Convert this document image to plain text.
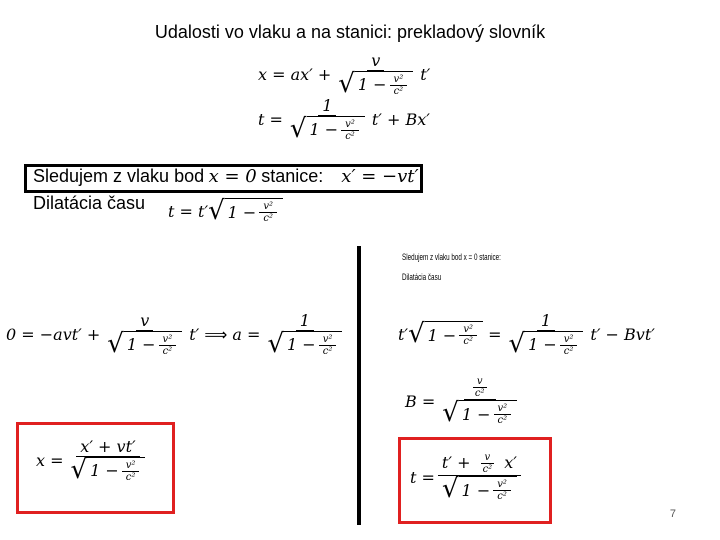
Udalosti vo vlaku a na stanici: prekladový slovník
$x = ax' + \frac{v}{√ 1 - \frac{\text{v²}}{\text{c²}}} t'$
$t = \frac{1}{√ 1 - \frac{\text{v²}}{\text{c²}}} t' + Bx'$
Sledujem z vlaku bod
x = 0
stanice:
x′ = −vt′
Dilatácia času t = t′ √ $1 - \frac{\text{v²}}{\text{c²}}$
Sledujem z vlaku bod x = 0 stanice:
Dilatácia času
$0 = -avt' + \frac{v}{√ 1 - \frac{\text{v²}}{\text{c²}}} t'$
⟹
$a = \frac{1}{√ 1 - \frac{\text{v²}}{\text{c²}}}$	t′ √ $1 - \frac{\text{v²}}{\text{c²}}$
= $\frac{1}{√ 1 - \frac{\text{v²}}{\text{c²}}} t' - Bvt'$
$B = \frac{\frac{v}{\text{c²}}}{√ 1 - \frac{\text{v²}}{\text{c²}}}$
$x = \frac{x' + vt'}{√ 1 - \frac{\text{v²}}{\text{c²}}}$	$t = \frac{t' + \frac{v}{\text{c²}} x'}{√ 1 - \frac{\text{v²}}{\text{c²}}}$
7
